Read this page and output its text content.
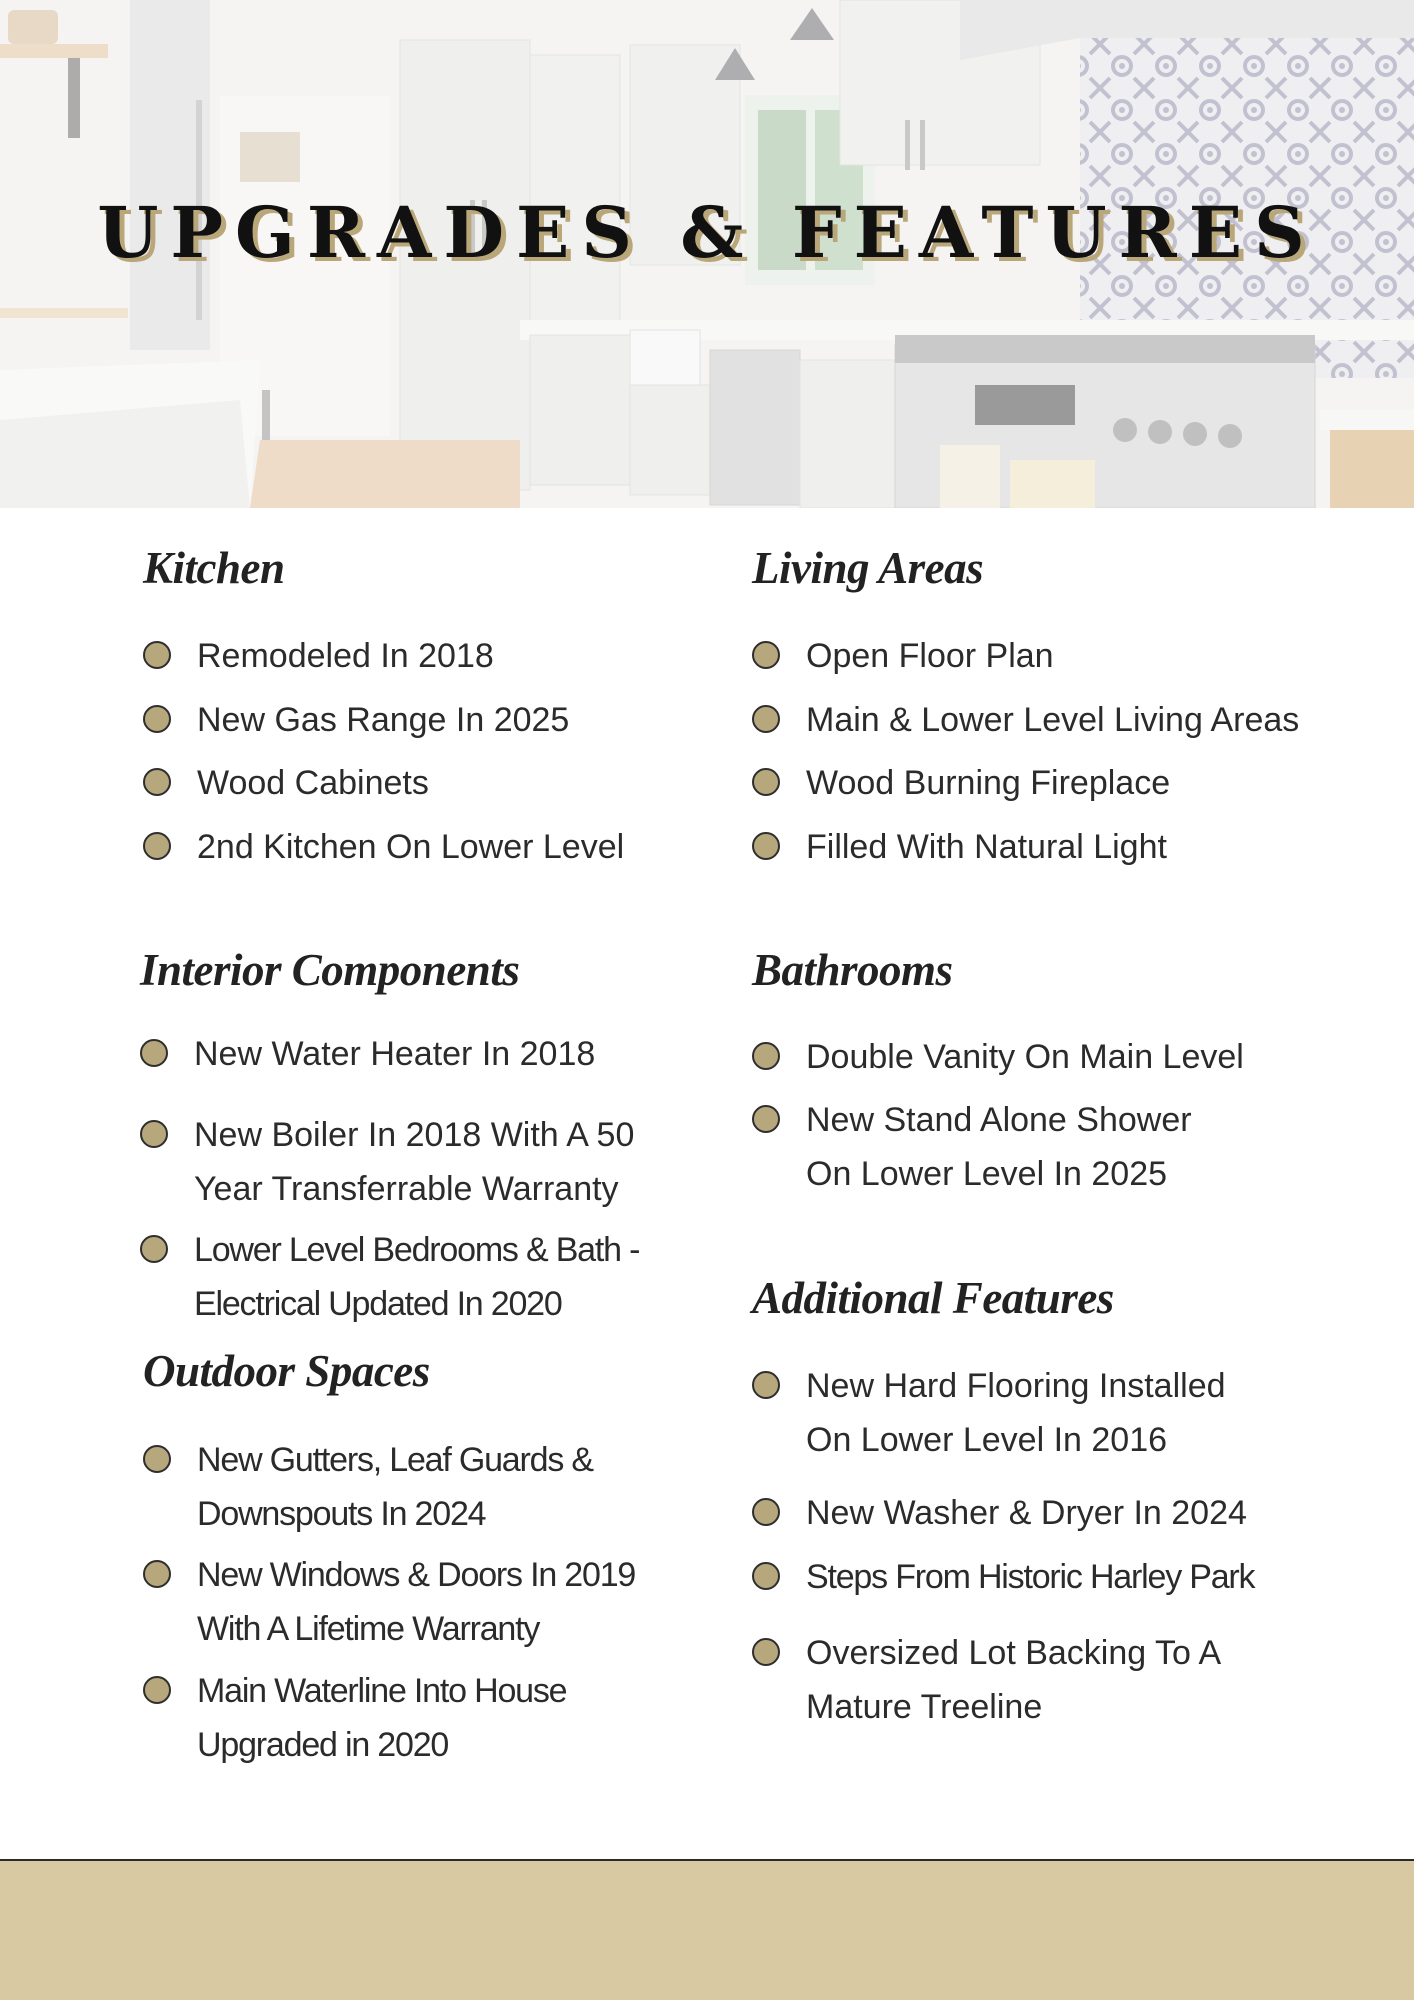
UPGRADES & FEATURES
Kitchen
Remodeled In 2018
New Gas Range In 2025
Wood Cabinets
2nd Kitchen On Lower Level
Living Areas
Open Floor Plan
Main & Lower Level Living Areas
Wood Burning Fireplace
Filled With Natural Light
Interior Components
New Water Heater In 2018
New Boiler In 2018 With A 50
Year Transferrable Warranty
Lower Level Bedrooms & Bath -
Electrical Updated In 2020
Bathrooms
Double Vanity On Main Level
New Stand Alone Shower
On Lower Level In 2025
Outdoor Spaces
New Gutters, Leaf Guards &
Downspouts In 2024
New Windows & Doors In 2019
With A Lifetime Warranty
Main Waterline Into House
Upgraded in 2020
Additional Features
New Hard Flooring Installed
On Lower Level In 2016
New Washer & Dryer In 2024
Steps From Historic Harley Park
Oversized Lot Backing To A
Mature Treeline
